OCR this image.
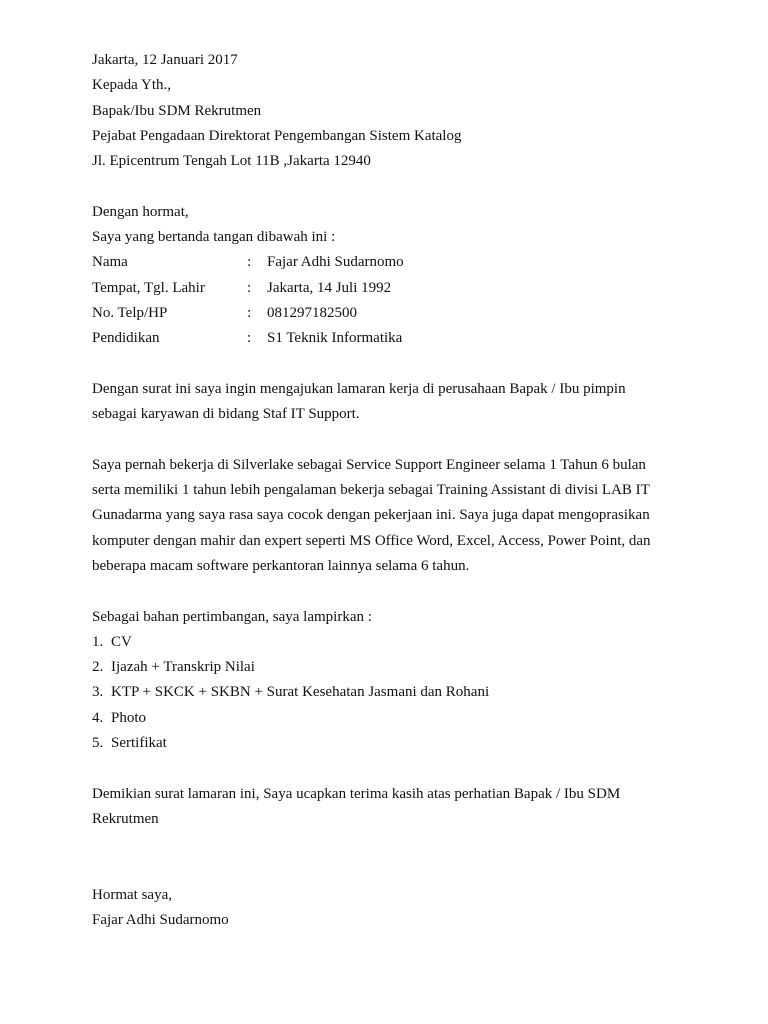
Jakarta, 12 Januari 2017
Kepada Yth.,
Bapak/Ibu SDM Rekrutmen
Pejabat Pengadaan Direktorat Pengembangan Sistem Katalog
Jl. Epicentrum Tengah Lot 11B ,Jakarta 12940
Dengan hormat,
Saya yang bertanda tangan dibawah ini :
Nama	:	Fajar Adhi Sudarnomo
Tempat, Tgl. Lahir	:	Jakarta, 14 Juli 1992
No. Telp/HP	:	081297182500
Pendidikan	:	S1 Teknik Informatika
Dengan surat ini saya ingin mengajukan lamaran kerja di perusahaan Bapak / Ibu pimpin
sebagai karyawan di bidang Staf IT Support.
Saya pernah bekerja di Silverlake sebagai Service Support Engineer selama 1 Tahun 6 bulan
serta memiliki 1 tahun lebih pengalaman bekerja sebagai Training Assistant di divisi LAB IT
Gunadarma yang saya rasa saya cocok dengan pekerjaan ini. Saya juga dapat mengoprasikan
komputer dengan mahir dan expert seperti MS Office Word, Excel, Access, Power Point, dan
beberapa macam software perkantoran lainnya selama 6 tahun.
Sebagai bahan pertimbangan, saya lampirkan :
1. CV
2. Ijazah + Transkrip Nilai
3. KTP + SKCK + SKBN + Surat Kesehatan Jasmani dan Rohani
4. Photo
5. Sertifikat
Demikian surat lamaran ini, Saya ucapkan terima kasih atas perhatian Bapak / Ibu SDM
Rekrutmen
Hormat saya,
Fajar Adhi Sudarnomo
